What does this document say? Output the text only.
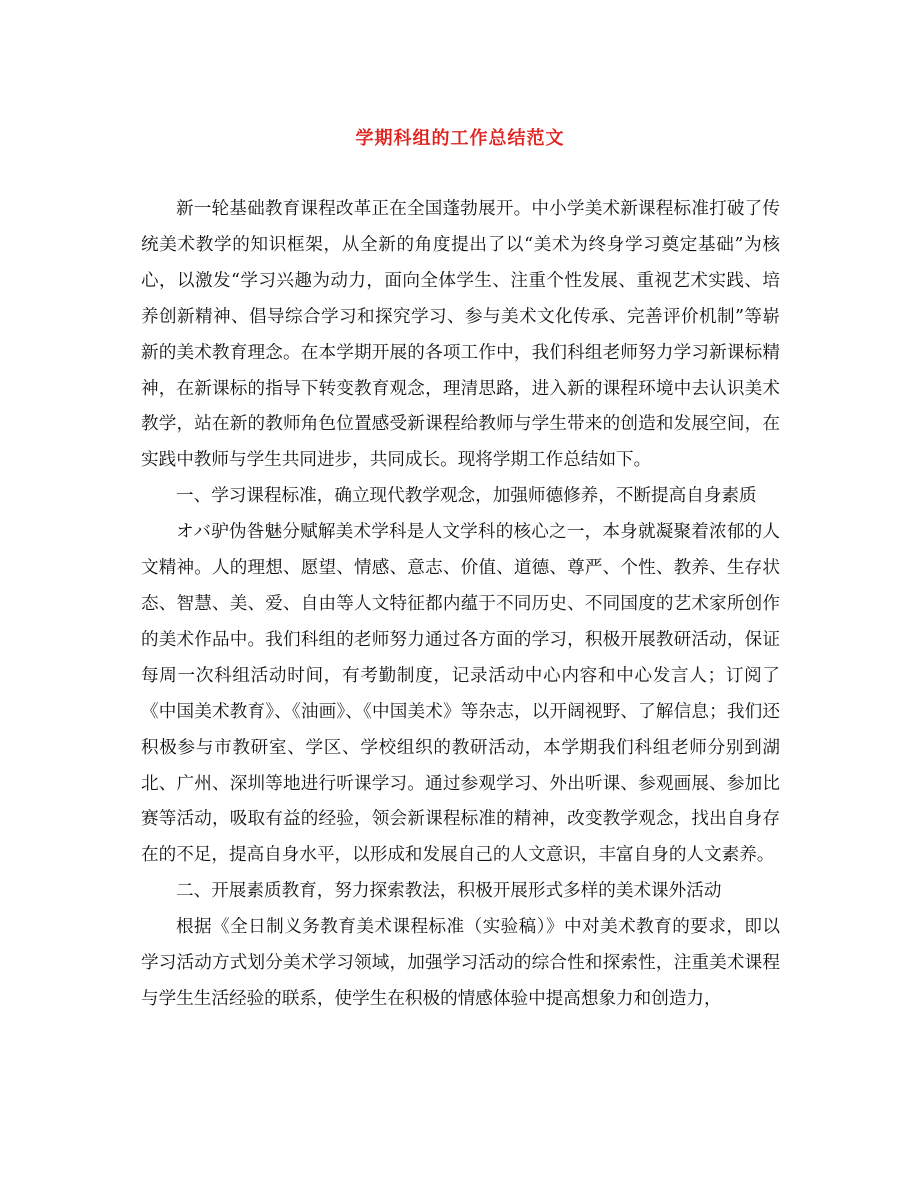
学期科组的工作总结范文

新一轮基础教育课程改革正在全国蓬勃展开。中小学美术新课程标准打破了传统美术教学的知识框架，从全新的角度提出了以“美术为终身学习奠定基础”为核心，以激发“学习兴趣为动力，面向全体学生、注重个性发展、重视艺术实践、培养创新精神、倡导综合学习和探究学习、参与美术文化传承、完善评价机制”等崭新的美术教育理念。在本学期开展的各项工作中，我们科组老师努力学习新课标精神，在新课标的指导下转变教育观念，理清思路，进入新的课程环境中去认识美术教学，站在新的教师角色位置感受新课程给教师与学生带来的创造和发展空间，在实践中教师与学生共同进步，共同成长。现将学期工作总结如下。

一、学习课程标准，确立现代教学观念，加强师德修养，不断提高自身素质

オバ驴伪昝魅分赋解美术学科是人文学科的核心之一，本身就凝聚着浓郁的人文精神。人的理想、愿望、情感、意志、价值、道德、尊严、个性、教养、生存状态、智慧、美、爱、自由等人文特征都内蕴于不同历史、不同国度的艺术家所创作的美术作品中。我们科组的老师努力通过各方面的学习，积极开展教研活动，保证每周一次科组活动时间，有考勤制度，记录活动中心内容和中心发言人；订阅了《中国美术教育》、《油画》、《中国美术》等杂志，以开阔视野、了解信息；我们还积极参与市教研室、学区、学校组织的教研活动，本学期我们科组老师分别到湖北、广州、深圳等地进行听课学习。通过参观学习、外出听课、参观画展、参加比赛等活动，吸取有益的经验，领会新课程标准的精神，改变教学观念，找出自身存在的不足，提高自身水平，以形成和发展自己的人文意识，丰富自身的人文素养。

二、开展素质教育，努力探索教法，积极开展形式多样的美术课外活动

根据《全日制义务教育美术课程标准（实验稿）》中对美术教育的要求，即以学习活动方式划分美术学习领域，加强学习活动的综合性和探索性，注重美术课程与学生生活经验的联系，使学生在积极的情感体验中提高想象力和创造力，
